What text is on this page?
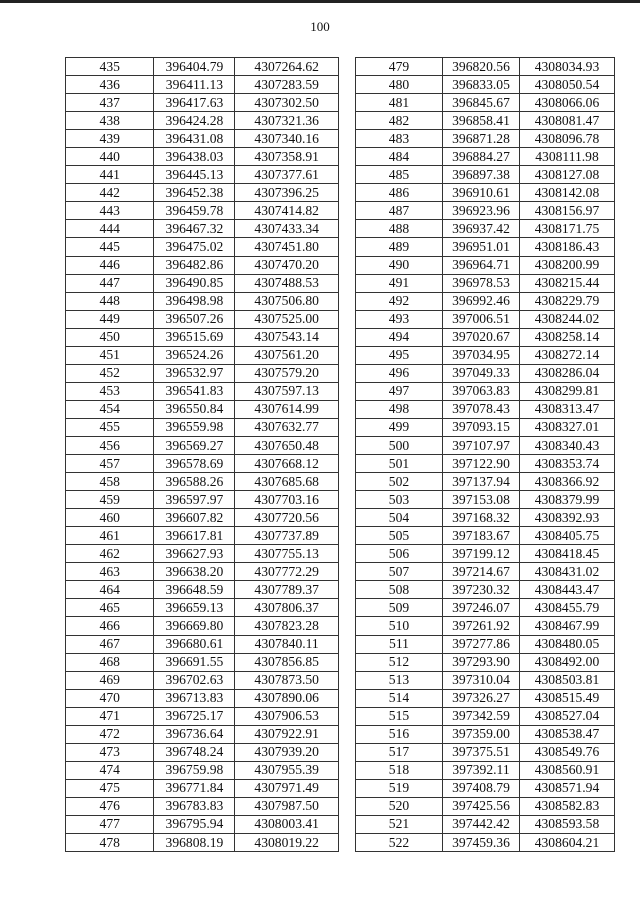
100
435	396404.79	4307264.62
436	396411.13	4307283.59
437	396417.63	4307302.50
438	396424.28	4307321.36
439	396431.08	4307340.16
440	396438.03	4307358.91
441	396445.13	4307377.61
442	396452.38	4307396.25
443	396459.78	4307414.82
444	396467.32	4307433.34
445	396475.02	4307451.80
446	396482.86	4307470.20
447	396490.85	4307488.53
448	396498.98	4307506.80
449	396507.26	4307525.00
450	396515.69	4307543.14
451	396524.26	4307561.20
452	396532.97	4307579.20
453	396541.83	4307597.13
454	396550.84	4307614.99
455	396559.98	4307632.77
456	396569.27	4307650.48
457	396578.69	4307668.12
458	396588.26	4307685.68
459	396597.97	4307703.16
460	396607.82	4307720.56
461	396617.81	4307737.89
462	396627.93	4307755.13
463	396638.20	4307772.29
464	396648.59	4307789.37
465	396659.13	4307806.37
466	396669.80	4307823.28
467	396680.61	4307840.11
468	396691.55	4307856.85
469	396702.63	4307873.50
470	396713.83	4307890.06
471	396725.17	4307906.53
472	396736.64	4307922.91
473	396748.24	4307939.20
474	396759.98	4307955.39
475	396771.84	4307971.49
476	396783.83	4307987.50
477	396795.94	4308003.41
478	396808.19	4308019.22
479	396820.56	4308034.93
480	396833.05	4308050.54
481	396845.67	4308066.06
482	396858.41	4308081.47
483	396871.28	4308096.78
484	396884.27	4308111.98
485	396897.38	4308127.08
486	396910.61	4308142.08
487	396923.96	4308156.97
488	396937.42	4308171.75
489	396951.01	4308186.43
490	396964.71	4308200.99
491	396978.53	4308215.44
492	396992.46	4308229.79
493	397006.51	4308244.02
494	397020.67	4308258.14
495	397034.95	4308272.14
496	397049.33	4308286.04
497	397063.83	4308299.81
498	397078.43	4308313.47
499	397093.15	4308327.01
500	397107.97	4308340.43
501	397122.90	4308353.74
502	397137.94	4308366.92
503	397153.08	4308379.99
504	397168.32	4308392.93
505	397183.67	4308405.75
506	397199.12	4308418.45
507	397214.67	4308431.02
508	397230.32	4308443.47
509	397246.07	4308455.79
510	397261.92	4308467.99
511	397277.86	4308480.05
512	397293.90	4308492.00
513	397310.04	4308503.81
514	397326.27	4308515.49
515	397342.59	4308527.04
516	397359.00	4308538.47
517	397375.51	4308549.76
518	397392.11	4308560.91
519	397408.79	4308571.94
520	397425.56	4308582.83
521	397442.42	4308593.58
522	397459.36	4308604.21
